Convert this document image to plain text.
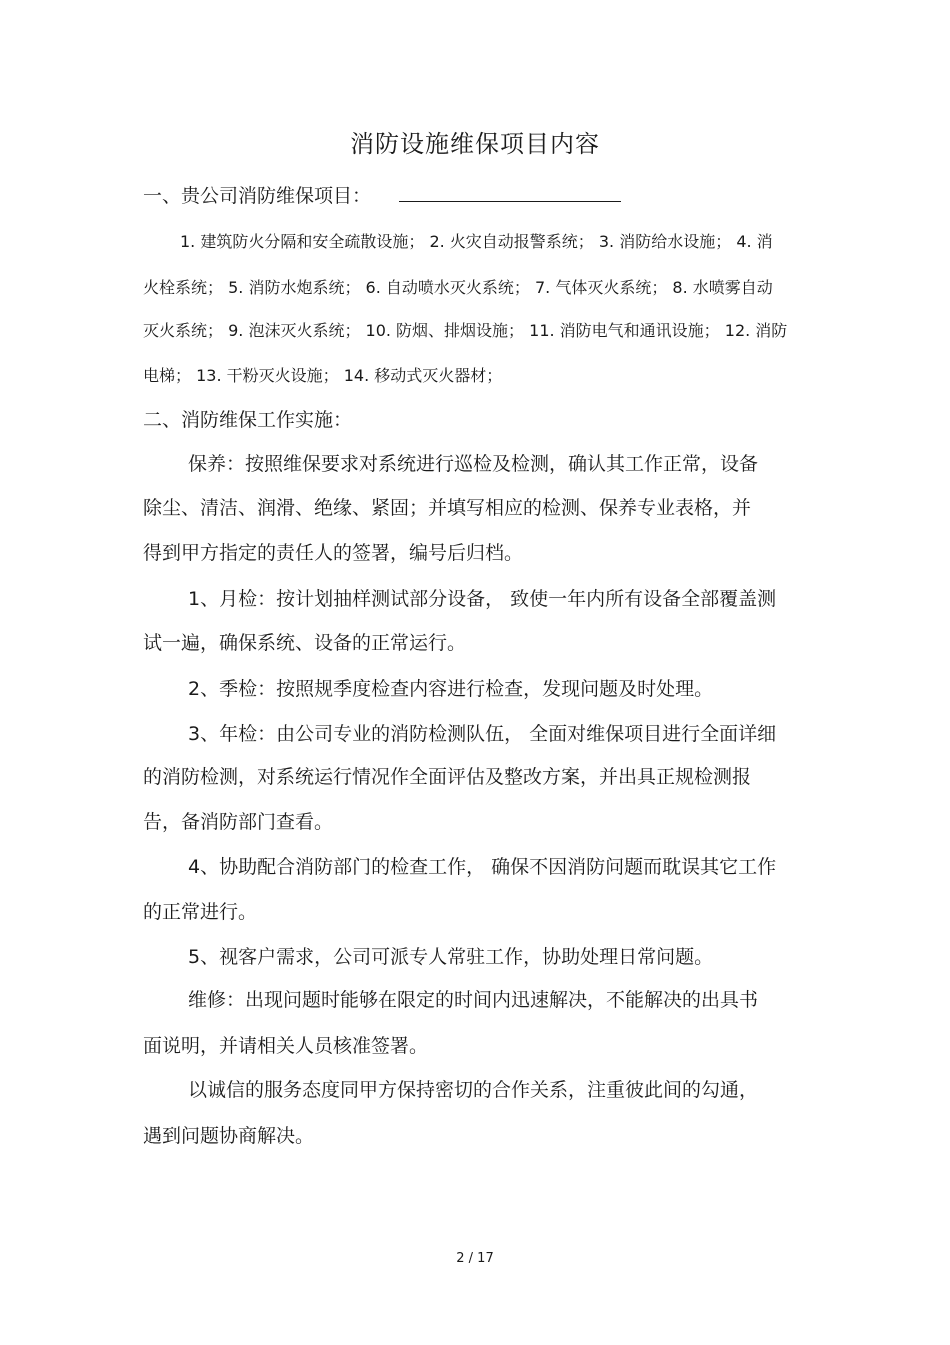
消防设施维保项目内容
一、贵公司消防维保项目：
1. 建筑防火分隔和安全疏散设施； 2. 火灾自动报警系统； 3. 消防给水设施； 4. 消
火栓系统； 5. 消防水炮系统； 6. 自动喷水灭火系统； 7. 气体灭火系统； 8. 水喷雾自动
灭火系统； 9. 泡沫灭火系统； 10. 防烟、排烟设施； 11. 消防电气和通讯设施； 12. 消防
电梯； 13. 干粉灭火设施； 14. 移动式灭火器材；
二、消防维保工作实施：
保养：按照维保要求对系统进行巡检及检测，确认其工作正常，设备
除尘、清洁、润滑、绝缘、紧固；并填写相应的检测、保养专业表格，并
得到甲方指定的责任人的签署，编号后归档。
1、月检：按计划抽样测试部分设备， 致使一年内所有设备全部覆盖测
试一遍，确保系统、设备的正常运行。
2、季检：按照规季度检查内容进行检查，发现问题及时处理。
3、年检：由公司专业的消防检测队伍， 全面对维保项目进行全面详细
的消防检测，对系统运行情况作全面评估及整改方案，并出具正规检测报
告，备消防部门查看。
4、协助配合消防部门的检查工作， 确保不因消防问题而耽误其它工作
的正常进行。
5、视客户需求，公司可派专人常驻工作，协助处理日常问题。
维修：出现问题时能够在限定的时间内迅速解决，不能解决的出具书
面说明，并请相关人员核准签署。
以诚信的服务态度同甲方保持密切的合作关系，注重彼此间的勾通，
遇到问题协商解决。
2 / 17
